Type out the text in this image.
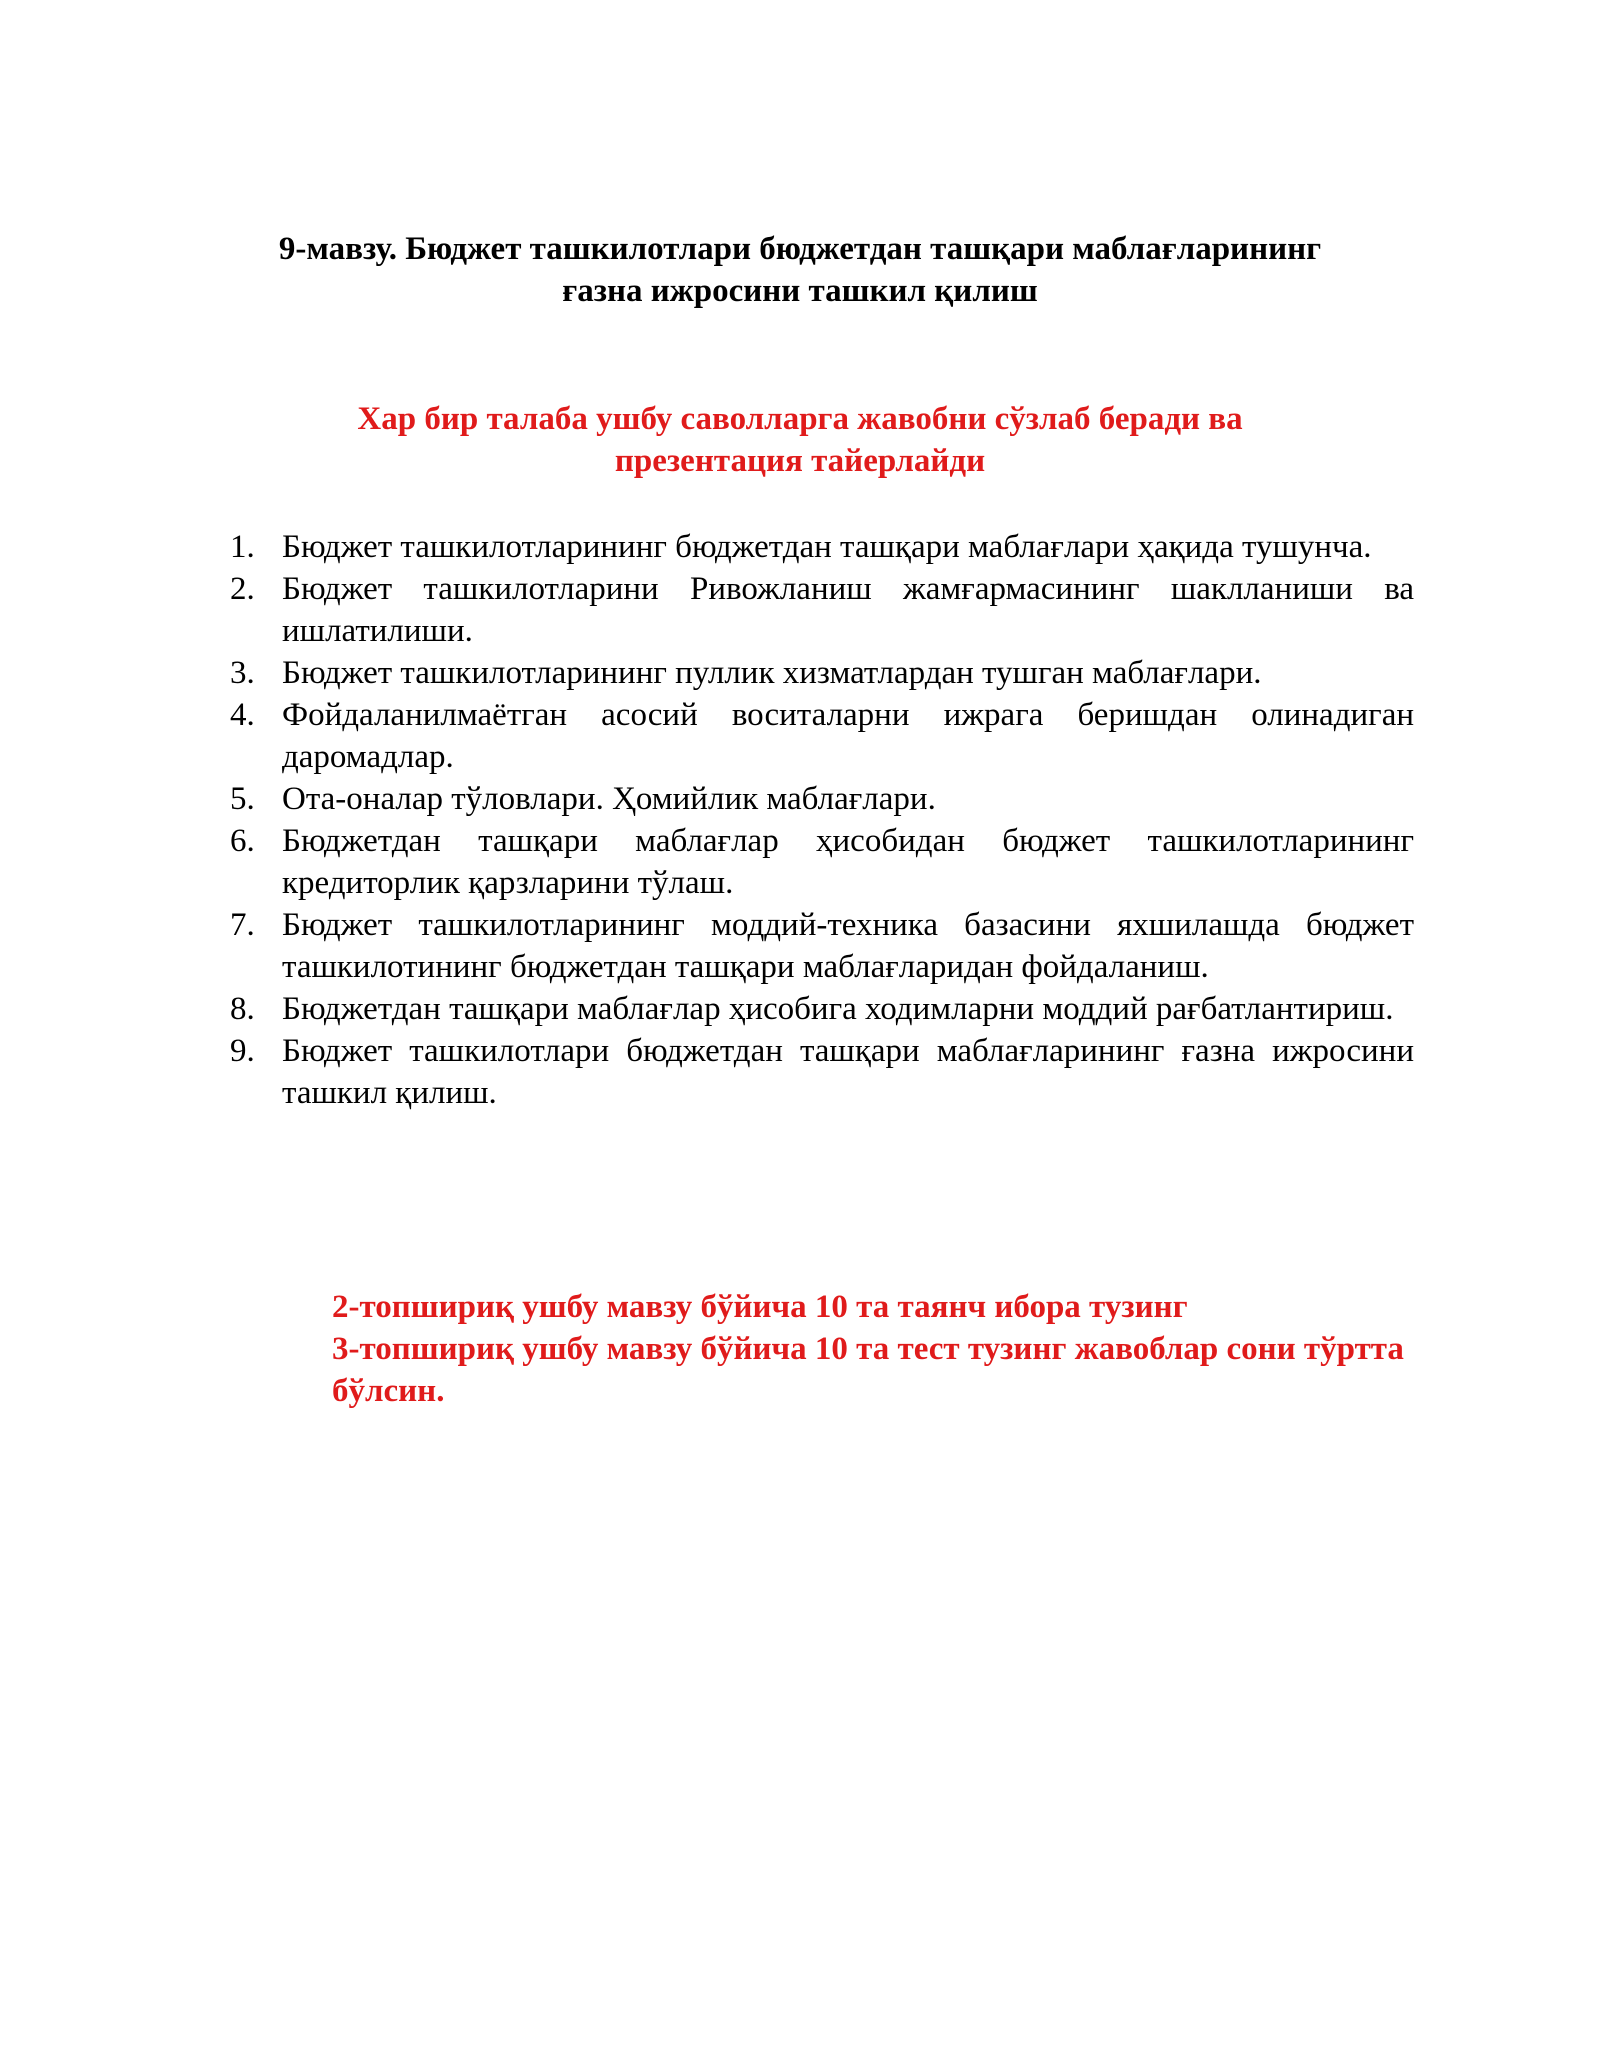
9-мавзу. Бюджет ташкилотлари бюджетдан ташқари маблағларининг
ғазна ижросини ташкил қилиш
Хар бир талаба ушбу саволларга жавобни сўзлаб беради ва
презентация тайерлайди
1. Бюджет ташкилотларининг бюджетдан ташқари маблағлари ҳақида тушунча.
2. Бюджет ташкилотларини Ривожланиш жамғармасининг шаклланиши ва ишлатилиши.
3. Бюджет ташкилотларининг пуллик хизматлардан тушган маблағлари.
4. Фойдаланилмаётган асосий воситаларни ижрага беришдан олинадиган даромадлар.
5. Ота-оналар тўловлари. Ҳомийлик маблағлари.
6. Бюджетдан ташқари маблағлар ҳисобидан бюджет ташкилотларининг кредиторлик қарзларини тўлаш.
7. Бюджет ташкилотларининг моддий-техника базасини яхшилашда бюджет ташкилотининг бюджетдан ташқари маблағларидан фойдаланиш.
8. Бюджетдан ташқари маблағлар ҳисобига ходимларни моддий рағбатлантириш.
9. Бюджет ташкилотлари бюджетдан ташқари маблағларининг ғазна ижросини ташкил қилиш.

2-топшириқ ушбу мавзу бўйича 10 та таянч ибора тузинг

3-топшириқ ушбу мавзу бўйича 10 та тест тузинг жавоблар сони тўртта бўлсин.
